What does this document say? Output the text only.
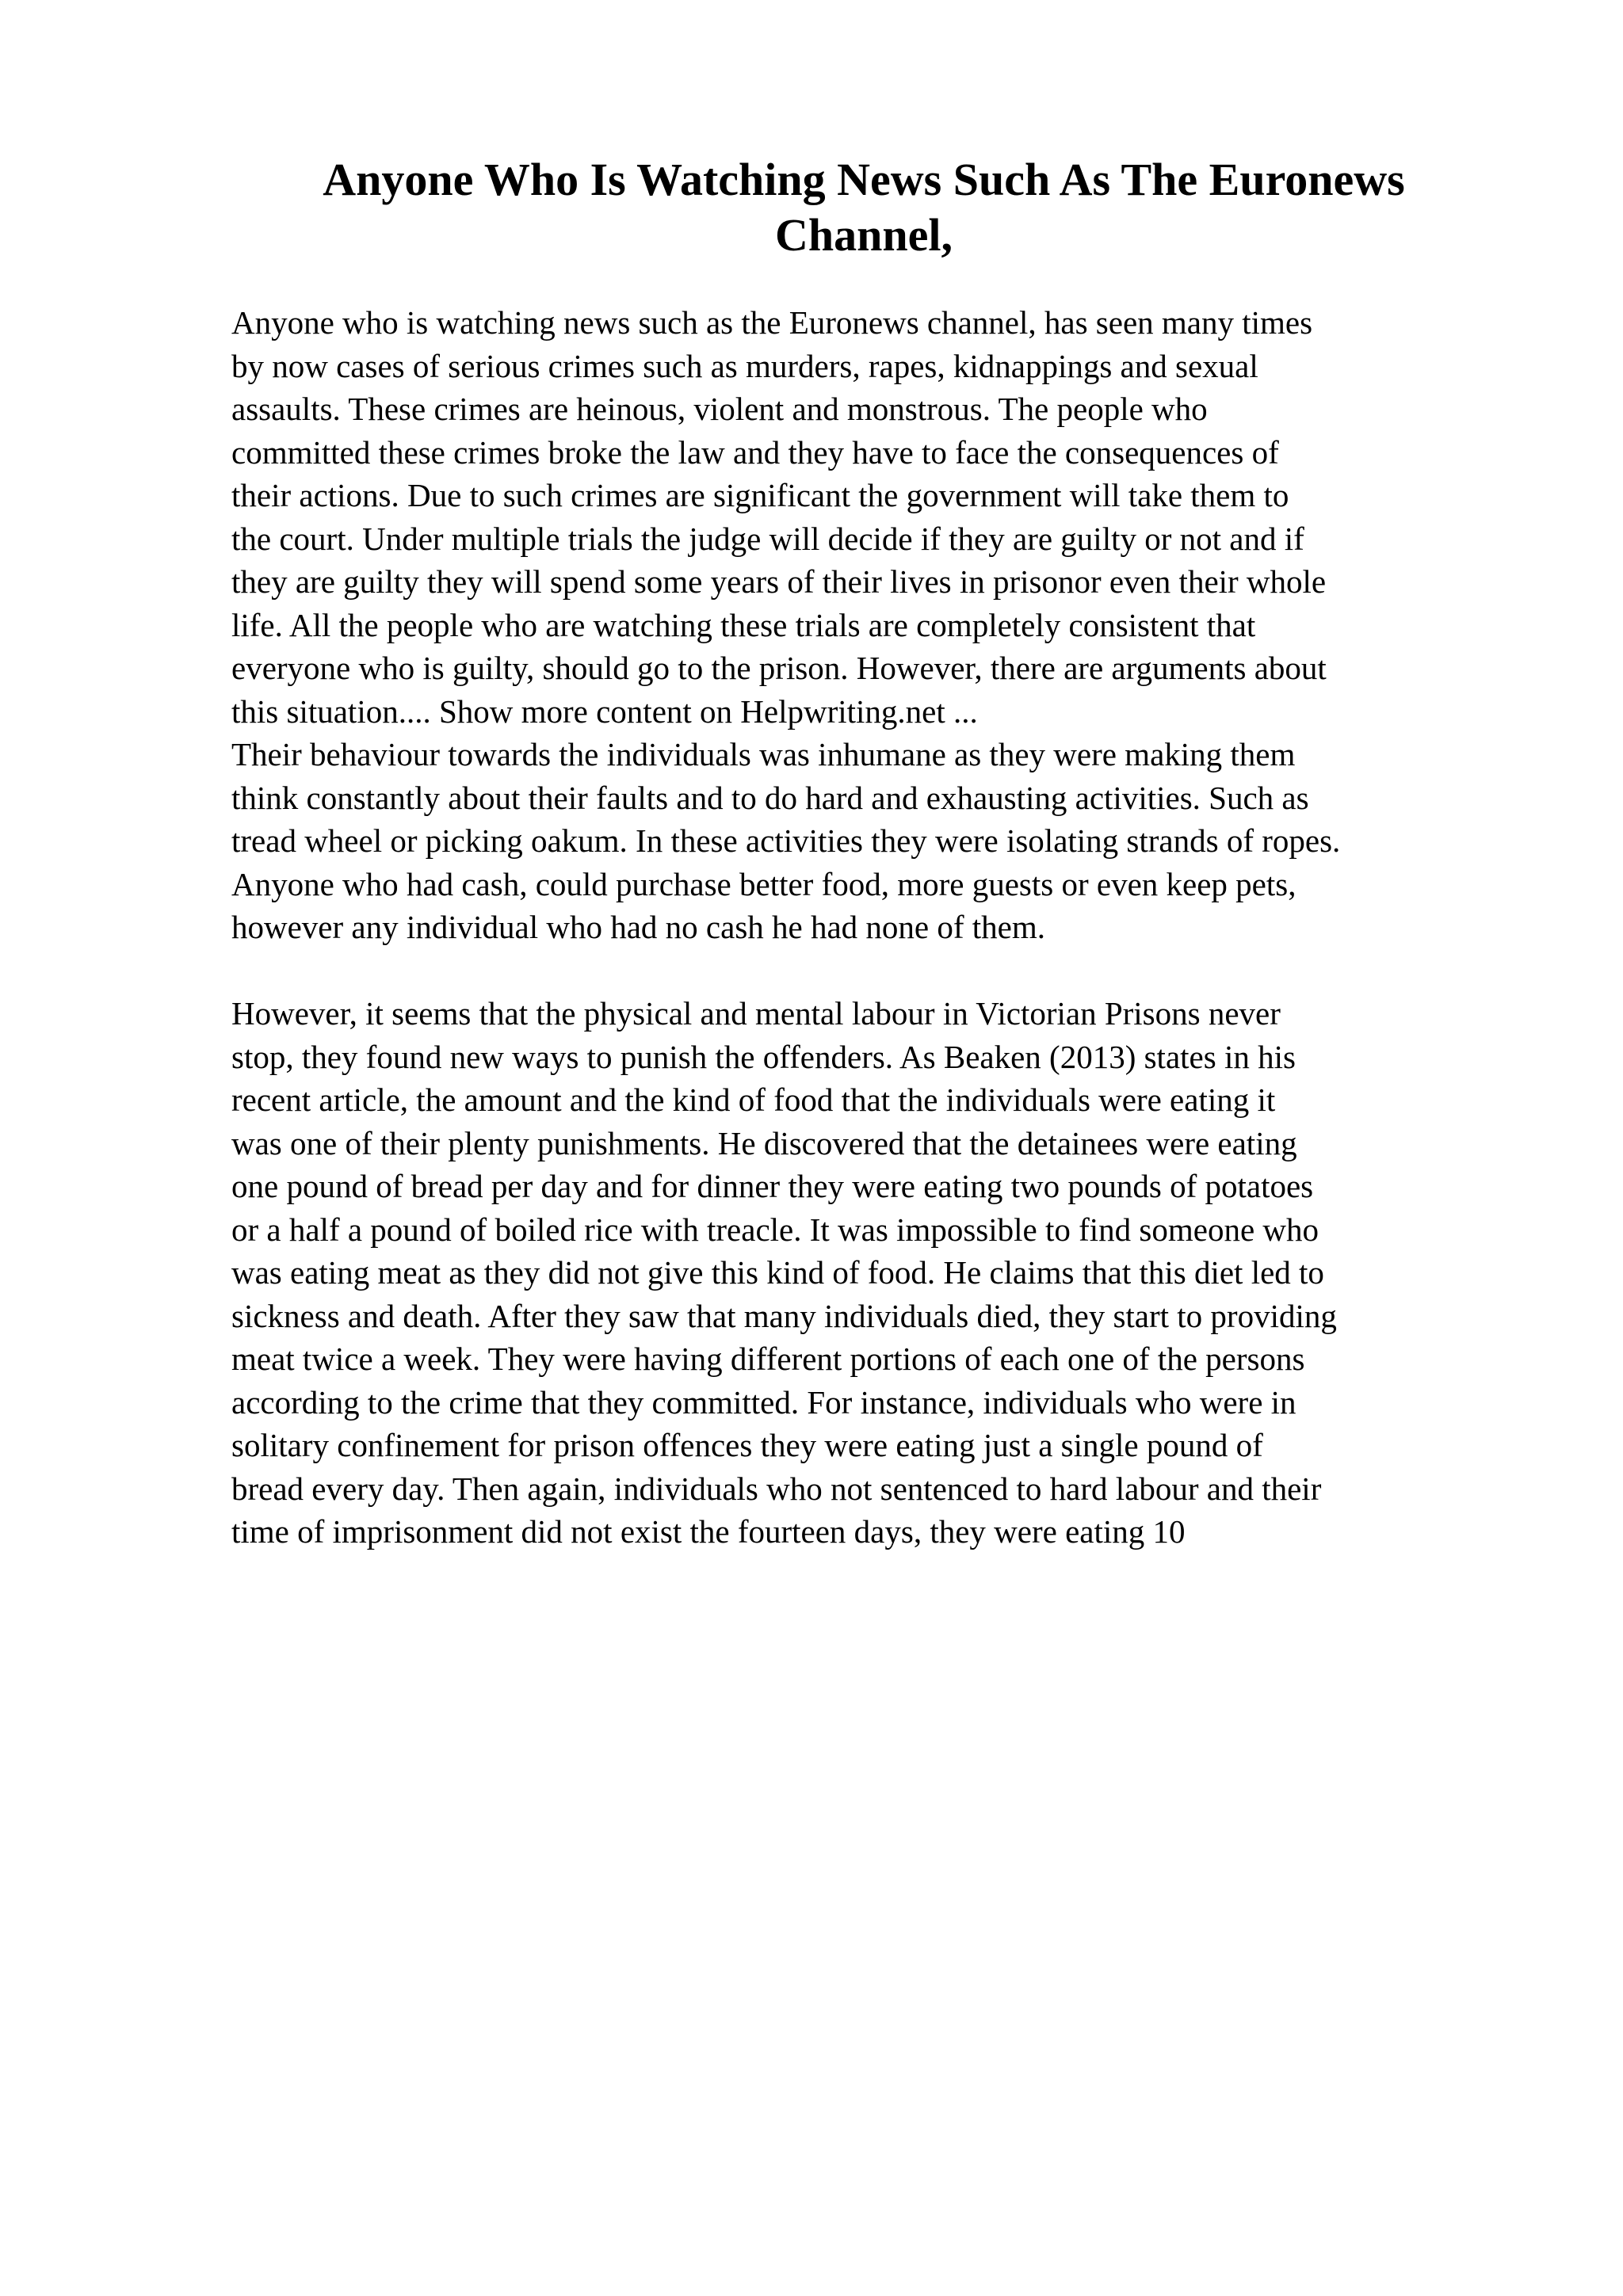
Anyone Who Is Watching News Such As The Euronews
Channel,

Anyone who is watching news such as the Euronews channel, has seen many times
by now cases of serious crimes such as murders, rapes, kidnappings and sexual
assaults. These crimes are heinous, violent and monstrous. The people who
committed these crimes broke the law and they have to face the consequences of
their actions. Due to such crimes are significant the government will take them to
the court. Under multiple trials the judge will decide if they are guilty or not and if
they are guilty they will spend some years of their lives in prisonor even their whole
life. All the people who are watching these trials are completely consistent that
everyone who is guilty, should go to the prison. However, there are arguments about
this situation.... Show more content on Helpwriting.net ...

Their behaviour towards the individuals was inhumane as they were making them
think constantly about their faults and to do hard and exhausting activities. Such as
tread wheel or picking oakum. In these activities they were isolating strands of ropes.
Anyone who had cash, could purchase better food, more guests or even keep pets,
however any individual who had no cash he had none of them.

However, it seems that the physical and mental labour in Victorian Prisons never
stop, they found new ways to punish the offenders. As Beaken (2013) states in his
recent article, the amount and the kind of food that the individuals were eating it
was one of their plenty punishments. He discovered that the detainees were eating
one pound of bread per day and for dinner they were eating two pounds of potatoes
or a half a pound of boiled rice with treacle. It was impossible to find someone who
was eating meat as they did not give this kind of food. He claims that this diet led to
sickness and death. After they saw that many individuals died, they start to providing
meat twice a week. They were having different portions of each one of the persons
according to the crime that they committed. For instance, individuals who were in
solitary confinement for prison offences they were eating just a single pound of
bread every day. Then again, individuals who not sentenced to hard labour and their
time of imprisonment did not exist the fourteen days, they were eating 10
